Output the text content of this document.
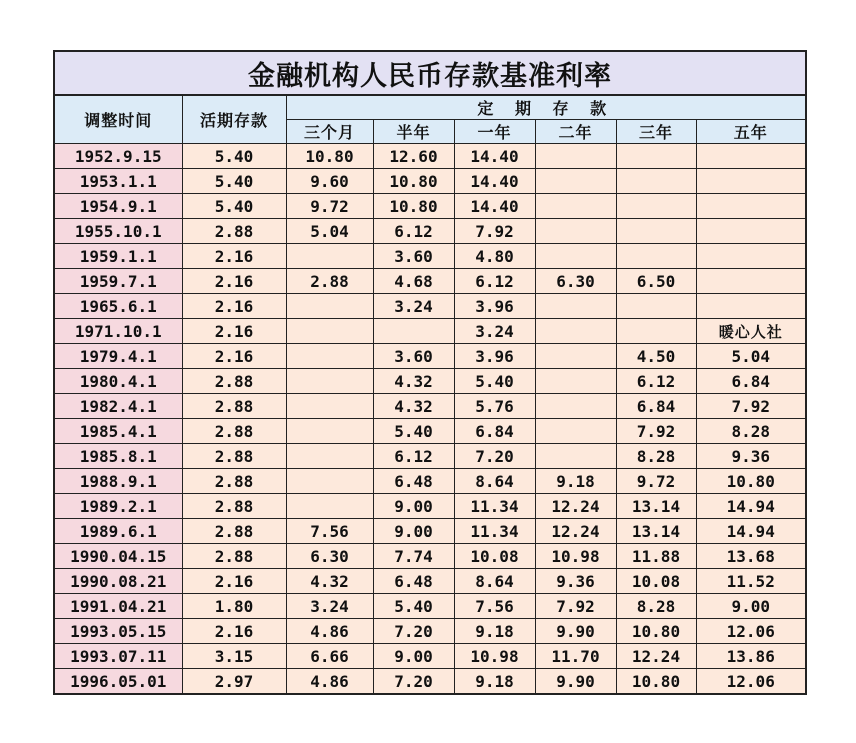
金融机构人民币存款基准利率							
调整时间	活期存款	定 期 存 款					
		三个月	半年	一年	二年	三年	五年
1952.9.15	5.40	10.80	12.60	14.40			
1953.1.1	5.40	9.60	10.80	14.40			
1954.9.1	5.40	9.72	10.80	14.40			
1955.10.1	2.88	5.04	6.12	7.92			
1959.1.1	2.16		3.60	4.80			
1959.7.1	2.16	2.88	4.68	6.12	6.30	6.50	
1965.6.1	2.16		3.24	3.96			
1971.10.1	2.16			3.24			暖心人社
1979.4.1	2.16		3.60	3.96		4.50	5.04
1980.4.1	2.88		4.32	5.40		6.12	6.84
1982.4.1	2.88		4.32	5.76		6.84	7.92
1985.4.1	2.88		5.40	6.84		7.92	8.28
1985.8.1	2.88		6.12	7.20		8.28	9.36
1988.9.1	2.88		6.48	8.64	9.18	9.72	10.80
1989.2.1	2.88		9.00	11.34	12.24	13.14	14.94
1989.6.1	2.88	7.56	9.00	11.34	12.24	13.14	14.94
1990.04.15	2.88	6.30	7.74	10.08	10.98	11.88	13.68
1990.08.21	2.16	4.32	6.48	8.64	9.36	10.08	11.52
1991.04.21	1.80	3.24	5.40	7.56	7.92	8.28	9.00
1993.05.15	2.16	4.86	7.20	9.18	9.90	10.80	12.06
1993.07.11	3.15	6.66	9.00	10.98	11.70	12.24	13.86
1996.05.01	2.97	4.86	7.20	9.18	9.90	10.80	12.06
